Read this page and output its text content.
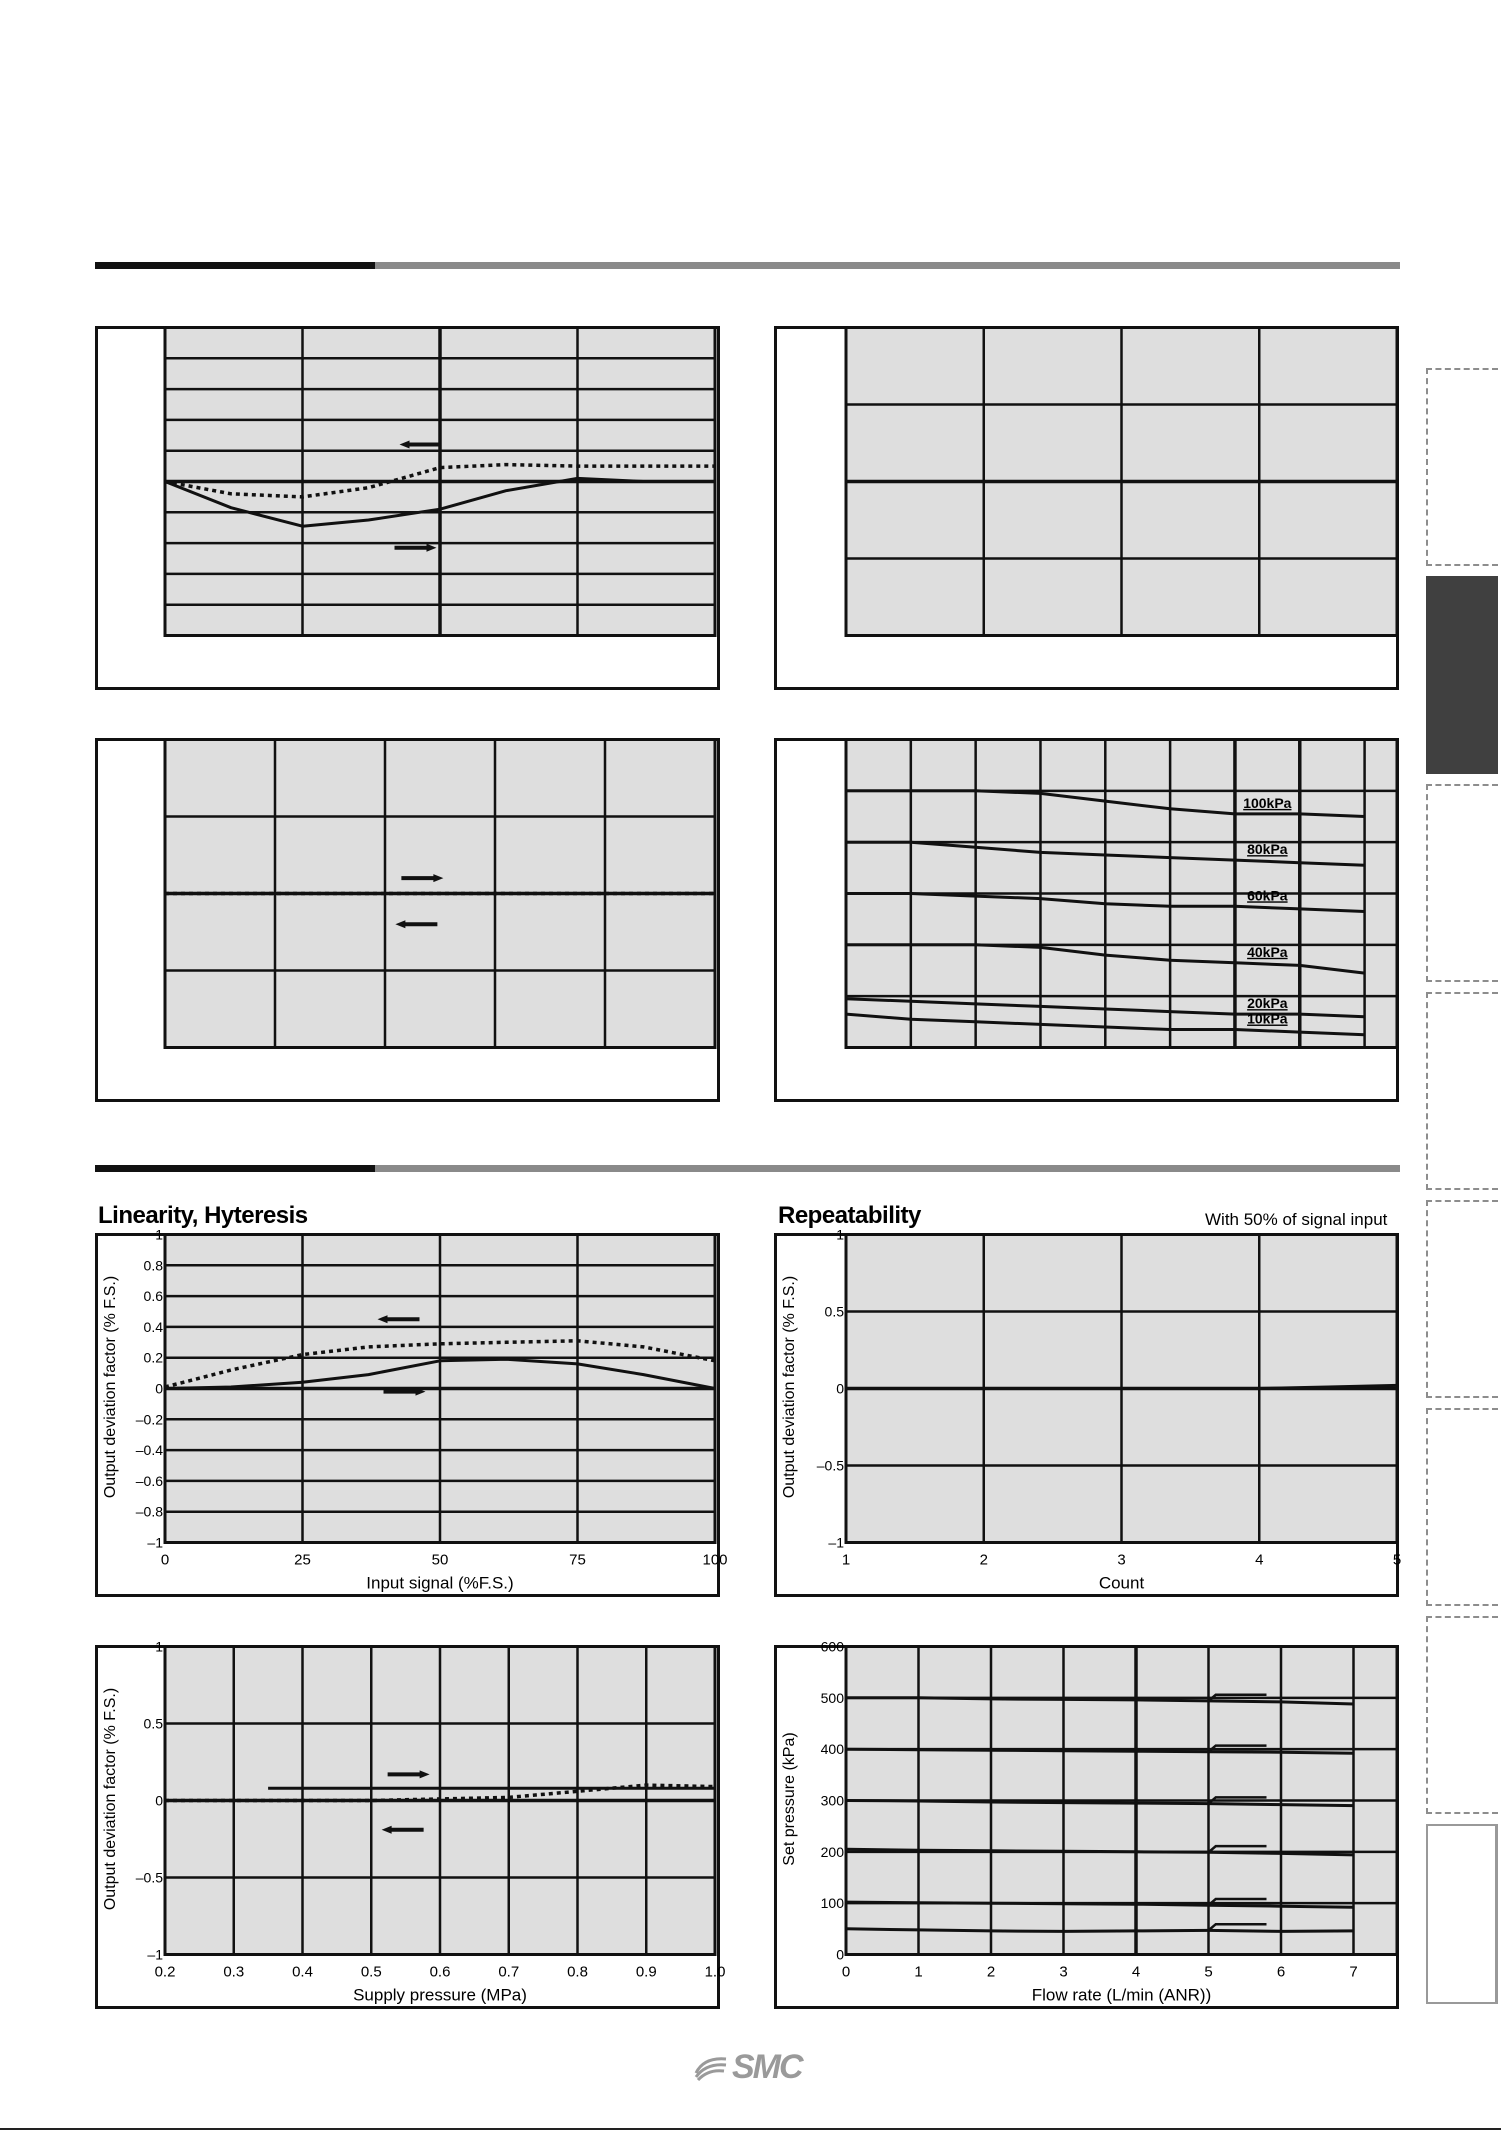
Linearity, Hyteresis	Repeatability	With 50% of signal input
100kPa
80kPa
60kPa
40kPa
20kPa
10kPa
0	25	50	75	100
–1
–0.8
–0.6
–0.4
–0.2
0
0.2
0.4
0.6
0.8
1
Input signal (%F.S.)
Output deviation factor (% F.S.)
1	2	3	4	5
–1
–0.5
0
0.5
1
Count
Output deviation factor (% F.S.)
0.2	0.3	0.4	0.5	0.6	0.7	0.8	0.9	1.0
–1
–0.5
0
0.5
1
Supply pressure (MPa)
Output deviation factor (% F.S.)
0	1	2	3	4	5	6	7
0
100
200
300
400
500
600
Flow rate (L/min (ANR))
Set pressure (kPa)
SMC
